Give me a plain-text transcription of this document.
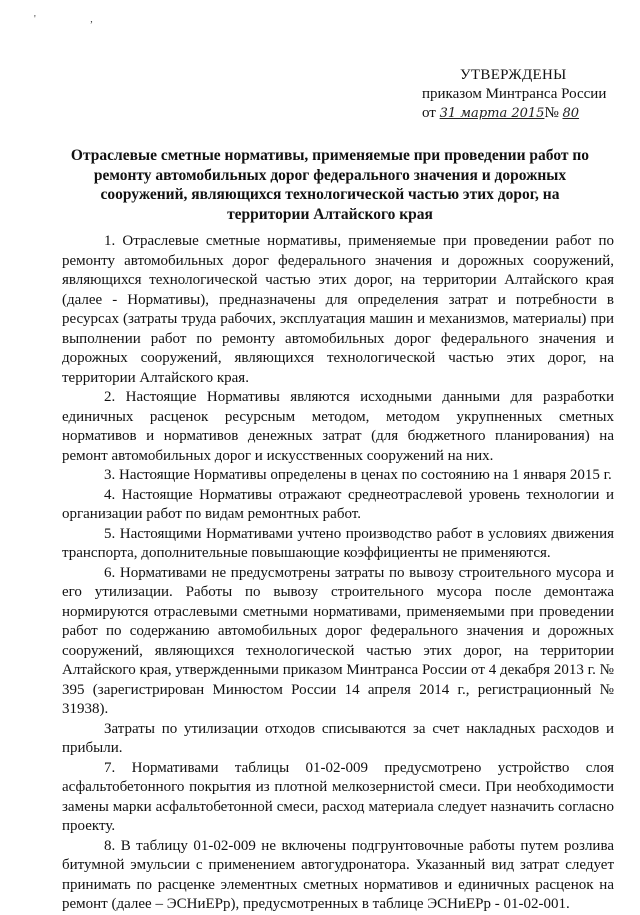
' ,
УТВЕРЖДЕНЫ
приказом Минтранса России
от 31 марта 2015№ 80
Отраслевые сметные нормативы, применяемые при проведении работ по ремонту автомобильных дорог федерального значения и дорожных сооружений, являющихся технологической частью этих дорог, на территории Алтайского края

1. Отраслевые сметные нормативы, применяемые при проведении работ по ремонту автомобильных дорог федерального значения и дорожных сооружений, являющихся технологической частью этих дорог, на территории Алтайского края (далее - Нормативы), предназначены для определения затрат и потребности в ресурсах (затраты труда рабочих, эксплуатация машин и механизмов, материалы) при выполнении работ по ремонту автомобильных дорог федерального значения и дорожных сооружений, являющихся технологической частью этих дорог, на территории Алтайского края.

2. Настоящие Нормативы являются исходными данными для разработки единичных расценок ресурсным методом, методом укрупненных сметных нормативов и нормативов денежных затрат (для бюджетного планирования) на ремонт автомобильных дорог и искусственных сооружений на них.

3. Настоящие Нормативы определены в ценах по состоянию на 1 января 2015 г.

4. Настоящие Нормативы отражают среднеотраслевой уровень технологии и организации работ по видам ремонтных работ.

5. Настоящими Нормативами учтено производство работ в условиях движения транспорта, дополнительные повышающие коэффициенты не применяются.

6. Нормативами не предусмотрены затраты по вывозу строительного мусора и его утилизации. Работы по вывозу строительного мусора после демонтажа нормируются отраслевыми сметными нормативами, применяемыми при проведении работ по содержанию автомобильных дорог федерального значения и дорожных сооружений, являющихся технологической частью этих дорог, на территории Алтайского края, утвержденными приказом Минтранса России от 4 декабря 2013 г. № 395 (зарегистрирован Минюстом России 14 апреля 2014 г., регистрационный № 31938).

Затраты по утилизации отходов списываются за счет накладных расходов и прибыли.

7. Нормативами таблицы 01-02-009 предусмотрено устройство слоя асфальтобетонного покрытия из плотной мелкозернистой смеси. При необходимости замены марки асфальтобетонной смеси, расход материала следует назначить согласно проекту.

8. В таблицу 01-02-009 не включены подгрунтовочные работы путем розлива битумной эмульсии с применением автогудронатора. Указанный вид затрат следует принимать по расценке элементных сметных нормативов и единичных расценок на ремонт (далее – ЭСНиЕРр), предусмотренных в таблице ЭСНиЕРр - 01-02-001.
